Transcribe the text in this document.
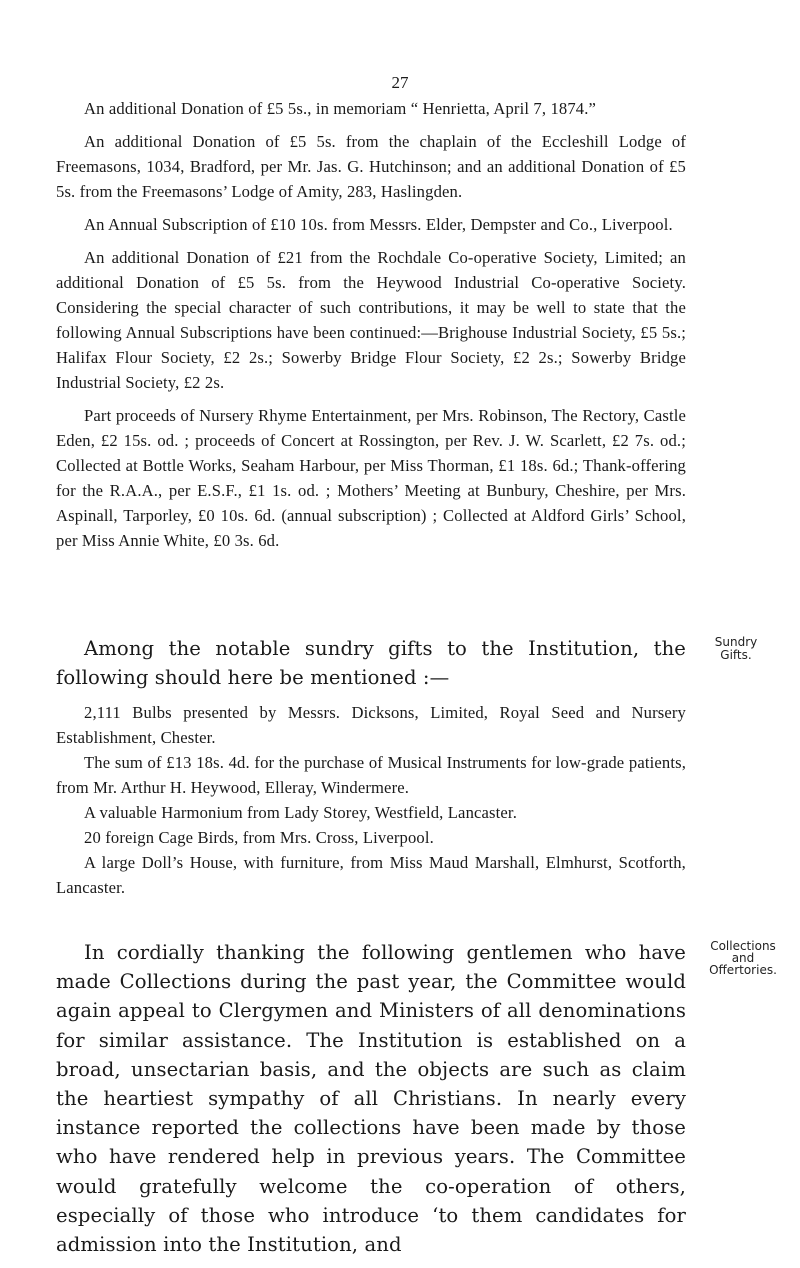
27

An additional Donation of £5 5s., in memoriam “ Henrietta, April 7, 1874.”

An additional Donation of £5 5s. from the chaplain of the Eccleshill Lodge of Freemasons, 1034, Bradford, per Mr. Jas. G. Hutchinson; and an additional Donation of £5 5s. from the Freemasons’ Lodge of Amity, 283, Haslingden.

An Annual Subscription of £10 10s. from Messrs. Elder, Dempster and Co., Liverpool.

An additional Donation of £21 from the Rochdale Co-operative Society, Limited; an additional Donation of £5 5s. from the Heywood Industrial Co-operative Society. Considering the special character of such contributions, it may be well to state that the following Annual Subscriptions have been continued:—Brighouse Industrial Society, £5 5s.; Halifax Flour Society, £2 2s.; Sowerby Bridge Flour Society, £2 2s.; Sowerby Bridge Industrial Society, £2 2s.

Part proceeds of Nursery Rhyme Entertainment, per Mrs. Robinson, The Rectory, Castle Eden, £2 15s. od. ; proceeds of Concert at Rossington, per Rev. J. W. Scarlett, £2 7s. od.; Collected at Bottle Works, Seaham Harbour, per Miss Thorman, £1 18s. 6d.; Thank-offering for the R.A.A., per E.S.F., £1 1s. od. ; Mothers’ Meeting at Bunbury, Cheshire, per Mrs. Aspinall, Tarporley, £0 10s. 6d. (annual subscription) ; Collected at Aldford Girls’ School, per Miss Annie White, £0 3s. 6d.

Among the notable sundry gifts to the Institution, the following should here be mentioned :—

2,111 Bulbs presented by Messrs. Dicksons, Limited, Royal Seed and Nursery Establishment, Chester.

The sum of £13 18s. 4d. for the purchase of Musical Instruments for low-grade patients, from Mr. Arthur H. Heywood, Elleray, Windermere.

A valuable Harmonium from Lady Storey, Westfield, Lancaster.

20 foreign Cage Birds, from Mrs. Cross, Liverpool.

A large Doll’s House, with furniture, from Miss Maud Marshall, Elmhurst, Scotforth, Lancaster.

In cordially thanking the following gentlemen who have made Collections during the past year, the Committee would again appeal to Clergymen and Ministers of all denominations for similar assistance. The Institution is established on a broad, unsectarian basis, and the objects are such as claim the heartiest sympathy of all Christians. In nearly every instance reported the collections have been made by those who have rendered help in previous years. The Committee would gratefully welcome the co-operation of others, especially of those who introduce ‘to them candidates for admission into the Institution, and

Sundry
Gifts.
Collections
and
Offertories.
